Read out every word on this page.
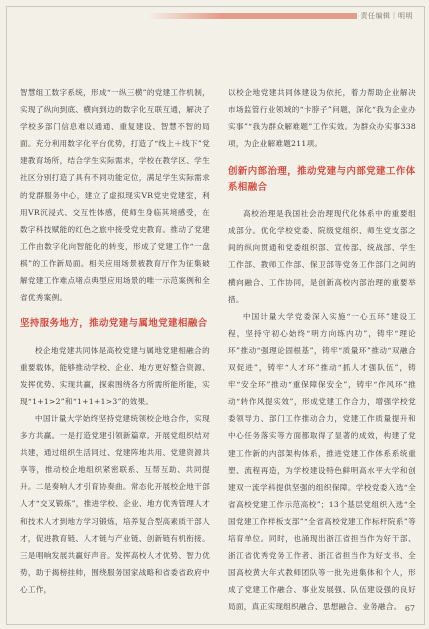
责任编辑｜明明

智慧组工数字系统，形成“一纵三横”的党建工作机制，实现了纵向到底、横向到边的数字化互联互通，解决了学校多部门信息难以通通、重复建设、智慧不智的局面。充分利用数字化平台优势，打造了“线上＋线下”党建教育场所，结合学生实际需求，学校在教学区、学生社区分别打造了具有不同功能定位，满足学生实际需求的党群服务中心，建立了虚拟现实VR党史党建室，利用VR沉浸式、交互性体感，使师生身临其境感受，在数字科技赋能的红色之旅中接受党史教育。推动了党建工作由数字化向智能化的转变，形成了党建工作“一盘棋”的工作新局面。相关应用场景被教育厅作为征集破解党建工作难点堵点典型应用场景的唯一示范案例和全省优秀案例。

坚持服务地方，推动党建与属地党建相融合

校企地党建共同体是高校党建与属地党建相融合的重要载体，能够推动学校、企业、地方更好整合资源、发挥优势、实现共赢，探索围绕各方所需所能所能，实现“1+1>2”和“1+1+1>3”的效果。

中国计量大学始终坚持党建统领校企地合作，实现多方共赢。一是打造党建引领新篇章。开展党组织结对共建，通过组织生活同过、党建阵地共用、党建资源共享等，推动校企地组织紧密联系、互帮互助、共同提升。二是奏响人才引育协奏曲。常态化开展校企地干部人才“交叉锻炼”，推进学校、企业、地方优秀管理人才和技术人才到地方学习锻炼，培养复合型高素质干部人才，促进教育链、人才链与产业链、创新链有机衔接。三是唱响发展共赢好声音。发挥高校人才优势、智力优势，助于揭榜挂帅，围绕服务国家战略和省委省政府中心工作，

以校企地党建共同体建设为依托，着力帮助企业解决市场监管行业领域的“卡脖子”问题，深化“我为企业办实事”“我为群众解难题”工作实效。为群众办实事338项，为企业解难题211项。

创新内部治理，推动党建与内部党建工作体系相融合

高校治理是我国社会治理现代化体系中的重要组成部分。优化学校党委、院级党组织、师生党支部之间的纵向贯通和党委组织部、宣传部、统战部、学生工作部、教师工作部、保卫部等党务工作部门之间的横向融合、工作协同，是创新高校内部治理的重要举措。

中国计量大学党委深入实施“一心五环”建设工程，坚持守初心始终“明方向练内功”，铸牢“理论环”推动“强理论固根基”，铸牢“质量环”推动“双融合双促进”，铸牢“人才环”推动“抓人才强队伍”，铸牢“安全环”推动“重保障保安全”，铸牢“作风环”推动“转作风提实效”，形成党建工作合力，增强学校党委领导力、部门工作推动合力，党建工作质量提升和中心任务落实等方面都取得了显著的成效，构建了党建工作新的内部架构体系，推进党建工作体系系统重塑、流程再造，为学校建设特色鲜明高水平大学和创建双一流学科提供坚强的组织保障。学校党委入选“全省高校党建工作示范高校”；13个基层党组织入选“全国党建工作样板支部”“全省高校党建工作标杆院系”等培育单位。同时，也涌现出浙江省担当作为好干部、浙江省优秀党务工作者、浙江省担当作为好支书、全国高校黄大年式教师团队等一批先进集体和个人，形成了党建工作融合、事业发展强、队伍建设强的良好局面，真正实现组织融合、思想融合、业务融合。 67
